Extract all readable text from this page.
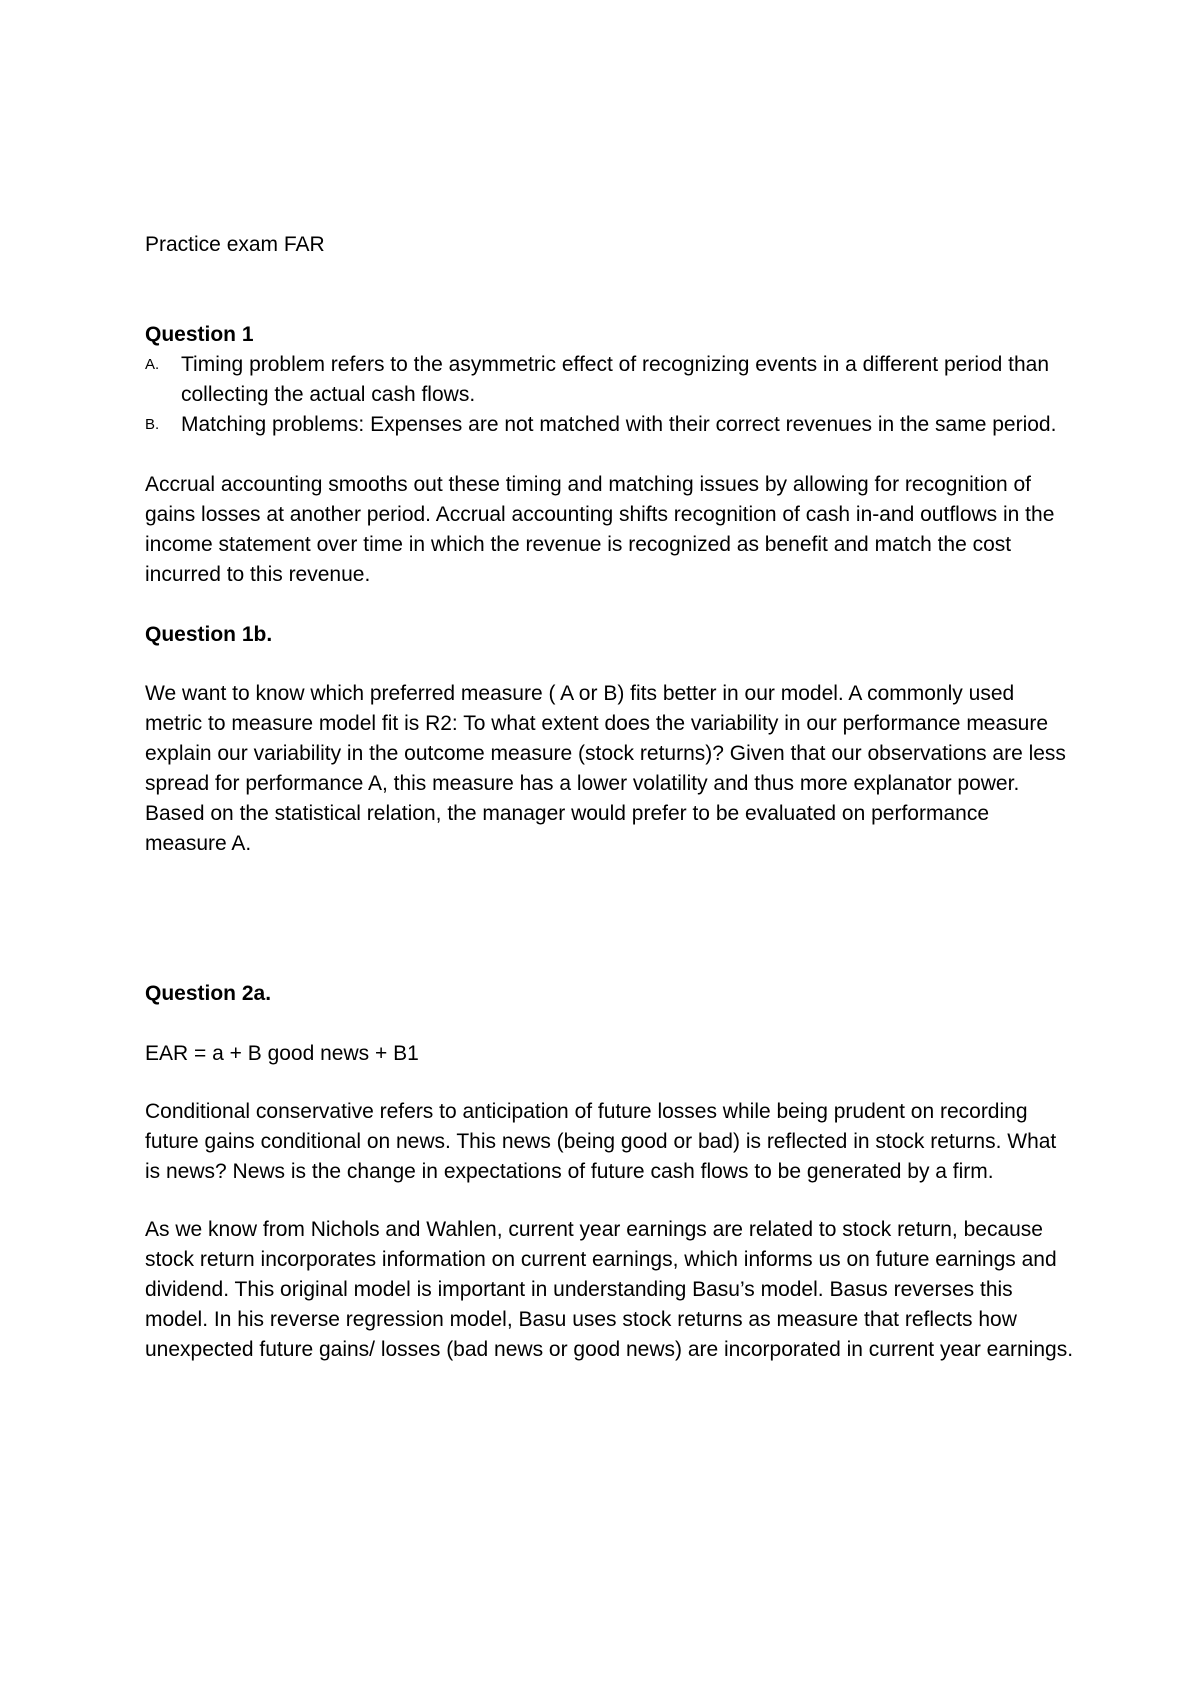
Practice exam FAR
Question 1
A. Timing problem refers to the asymmetric effect of recognizing events in a different period than collecting the actual cash flows.
B. Matching problems: Expenses are not matched with their correct revenues in the same period.

Accrual accounting smooths out these timing and matching issues by allowing for recognition of gains losses at another period. Accrual accounting shifts recognition of cash in-and outflows in the income statement over time in which the revenue is recognized as benefit and match the cost incurred to this revenue.

Question 1b.

We want to know which preferred measure ( A or B) fits better in our model. A commonly used metric to measure model fit is R2: To what extent does the variability in our performance measure explain our variability in the outcome measure (stock returns)? Given that our observations are less spread for performance A, this measure has a lower volatility and thus more explanator power. Based on the statistical relation, the manager would prefer to be evaluated on performance measure A.

Question 2a.

EAR = a + B good news + B1

Conditional conservative refers to anticipation of future losses while being prudent on recording future gains conditional on news. This news (being good or bad) is reflected in stock returns. What is news? News is the change in expectations of future cash flows to be generated by a firm.

As we know from Nichols and Wahlen, current year earnings are related to stock return, because stock return incorporates information on current earnings, which informs us on future earnings and dividend. This original model is important in understanding Basu’s model. Basus reverses this model. In his reverse regression model, Basu uses stock returns as measure that reflects how unexpected future gains/ losses (bad news or good news) are incorporated in current year earnings.
